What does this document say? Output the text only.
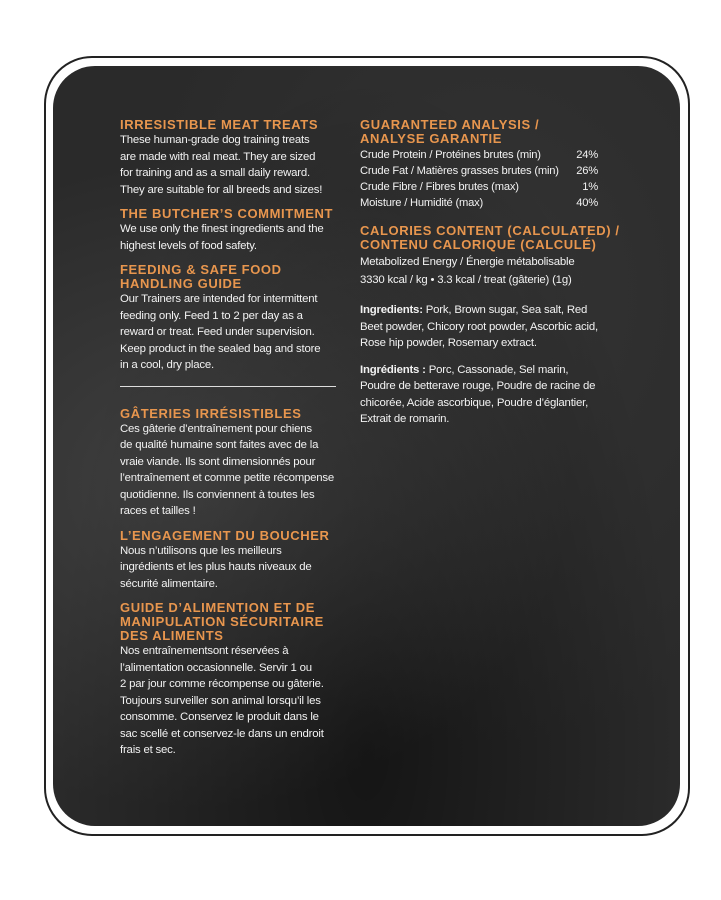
IRRESISTIBLE MEAT TREATS

These human-grade dog training treats

are made with real meat. They are sized

for training and as a small daily reward.

They are suitable for all breeds and sizes!

THE BUTCHER’S COMMITMENT

We use only the finest ingredients and the

highest levels of food safety.

FEEDING & SAFE FOOD HANDLING GUIDE

Our Trainers are intended for intermittent

feeding only. Feed 1 to 2 per day as a

reward or treat. Feed under supervision.

Keep product in the sealed bag and store

in a cool, dry place.

GÂTERIES IRRÉSISTIBLES

Ces gâterie d’entraînement pour chiens

de qualité humaine sont faites avec de la

vraie viande. Ils sont dimensionnés pour

l’entraînement et comme petite récompense

quotidienne. Ils conviennent à toutes les

races et tailles !

L’ENGAGEMENT DU BOUCHER

Nous n’utilisons que les meilleurs

ingrédients et les plus hauts niveaux de

sécurité alimentaire.

GUIDE D’ALIMENTION ET DE MANIPULATION SÉCURITAIRE DES ALIMENTS

Nos entraînementsont réservées à

l’alimentation occasionnelle. Servir 1 ou

2 par jour comme récompense ou gâterie.

Toujours surveiller son animal lorsqu’il les

consomme. Conservez le produit dans le

sac scellé et conservez-le dans un endroit

frais et sec.

GUARANTEED ANALYSIS / ANALYSE GARANTIE
Crude Protein / Protéines brutes (min)	24%
Crude Fat / Matières grasses brutes (min)	26%
Crude Fibre / Fibres brutes (max)	1%
Moisture / Humidité (max)	40%
CALORIES CONTENT (CALCULATED) / CONTENU CALORIQUE (CALCULÉ)

Metabolized Energy / Énergie métabolisable

3330 kcal / kg • 3.3 kcal / treat (gâterie) (1g)

Ingredients: Pork, Brown sugar, Sea salt, Red Beet powder, Chicory root powder, Ascorbic acid, Rose hip powder, Rosemary extract.

Ingrédients : Porc, Cassonade, Sel marin, Poudre de betterave rouge, Poudre de racine de chicorée, Acide ascorbique, Poudre d’églantier, Extrait de romarin.
